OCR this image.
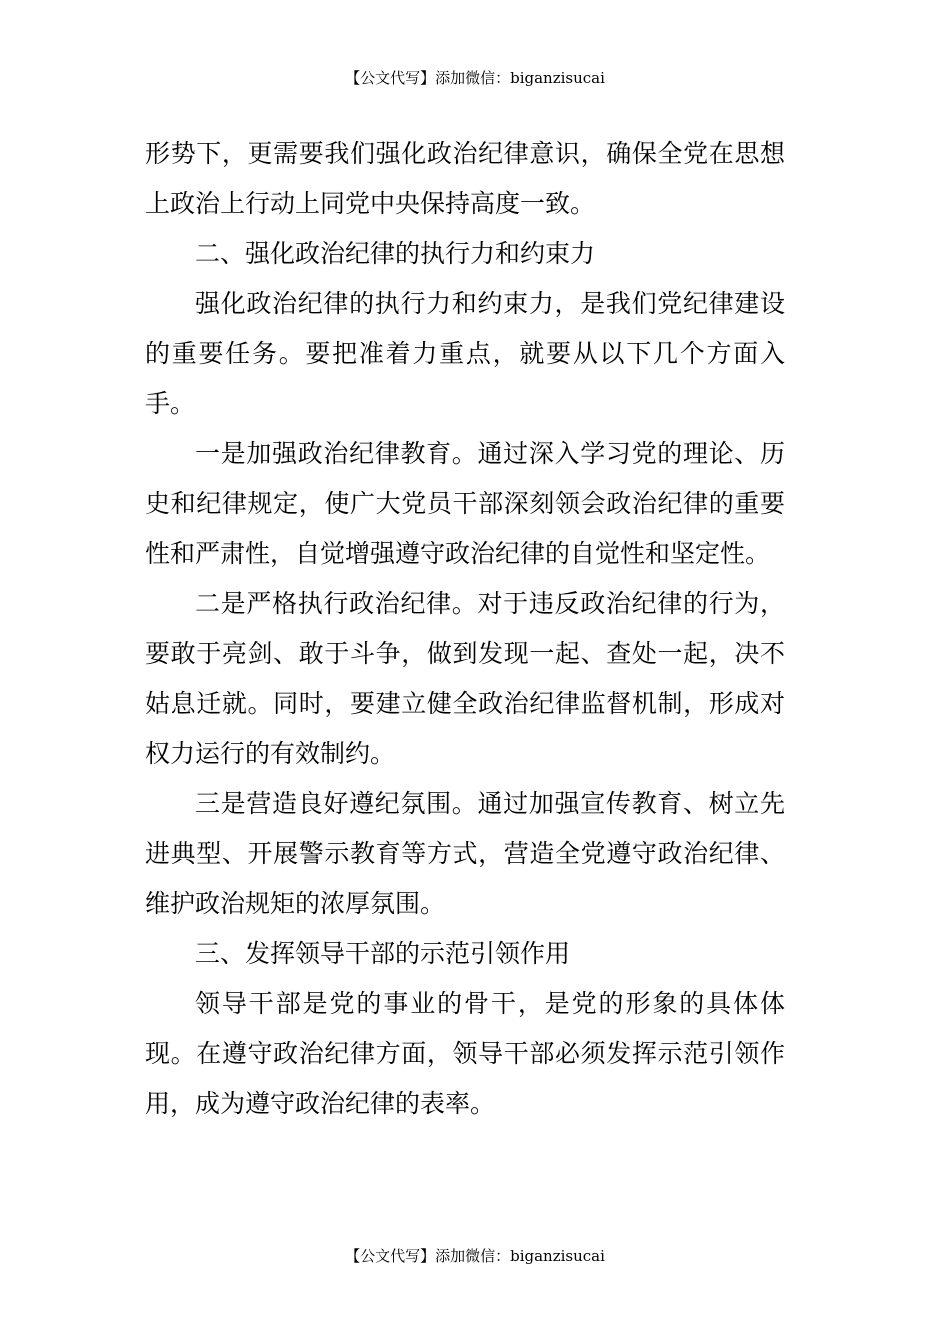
【公文代写】添加微信：biganzisucai

形势下，更需要我们强化政治纪律意识，确保全党在思想上政治上行动上同党中央保持高度一致。

二、强化政治纪律的执行力和约束力

强化政治纪律的执行力和约束力，是我们党纪律建设的重要任务。要把准着力重点，就要从以下几个方面入手。

一是加强政治纪律教育。通过深入学习党的理论、历史和纪律规定，使广大党员干部深刻领会政治纪律的重要性和严肃性，自觉增强遵守政治纪律的自觉性和坚定性。

二是严格执行政治纪律。对于违反政治纪律的行为，要敢于亮剑、敢于斗争，做到发现一起、查处一起，决不姑息迁就。同时，要建立健全政治纪律监督机制，形成对权力运行的有效制约。

三是营造良好遵纪氛围。通过加强宣传教育、树立先进典型、开展警示教育等方式，营造全党遵守政治纪律、维护政治规矩的浓厚氛围。

三、发挥领导干部的示范引领作用

领导干部是党的事业的骨干，是党的形象的具体体现。在遵守政治纪律方面，领导干部必须发挥示范引领作用，成为遵守政治纪律的表率。

【公文代写】添加微信：biganzisucai
